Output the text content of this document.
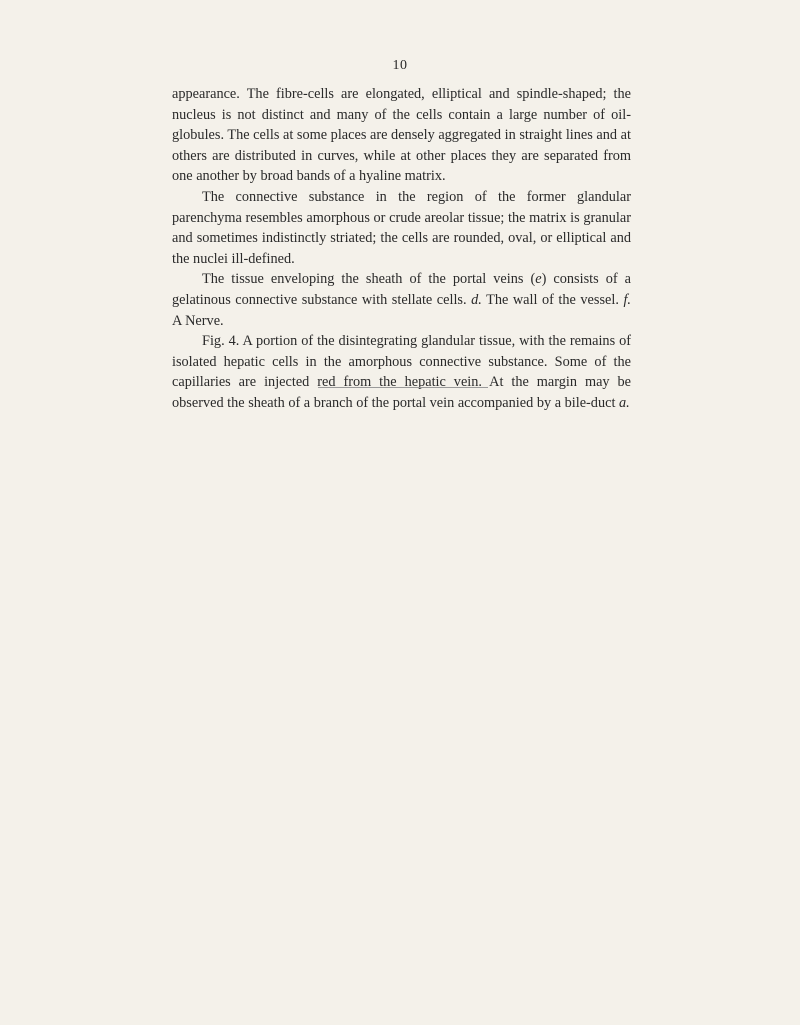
10

appearance. The fibre-cells are elongated, elliptical and spindle-shaped; the nucleus is not distinct and many of the cells contain a large number of oil-globules. The cells at some places are densely aggregated in straight lines and at others are distributed in curves, while at other places they are separated from one another by broad bands of a hyaline matrix.

The connective substance in the region of the former glandular parenchyma resembles amorphous or crude areolar tissue; the matrix is granular and sometimes indistinctly striated; the cells are rounded, oval, or elliptical and the nuclei ill-defined.

The tissue enveloping the sheath of the portal veins (e) consists of a gelatinous connective substance with stellate cells. d. The wall of the vessel. f. A Nerve.

Fig. 4. A portion of the disintegrating glandular tissue, with the remains of isolated hepatic cells in the amorphous connective substance. Some of the capillaries are injected red from the hepatic vein. At the margin may be observed the sheath of a branch of the portal vein accompanied by a bile-duct a.
